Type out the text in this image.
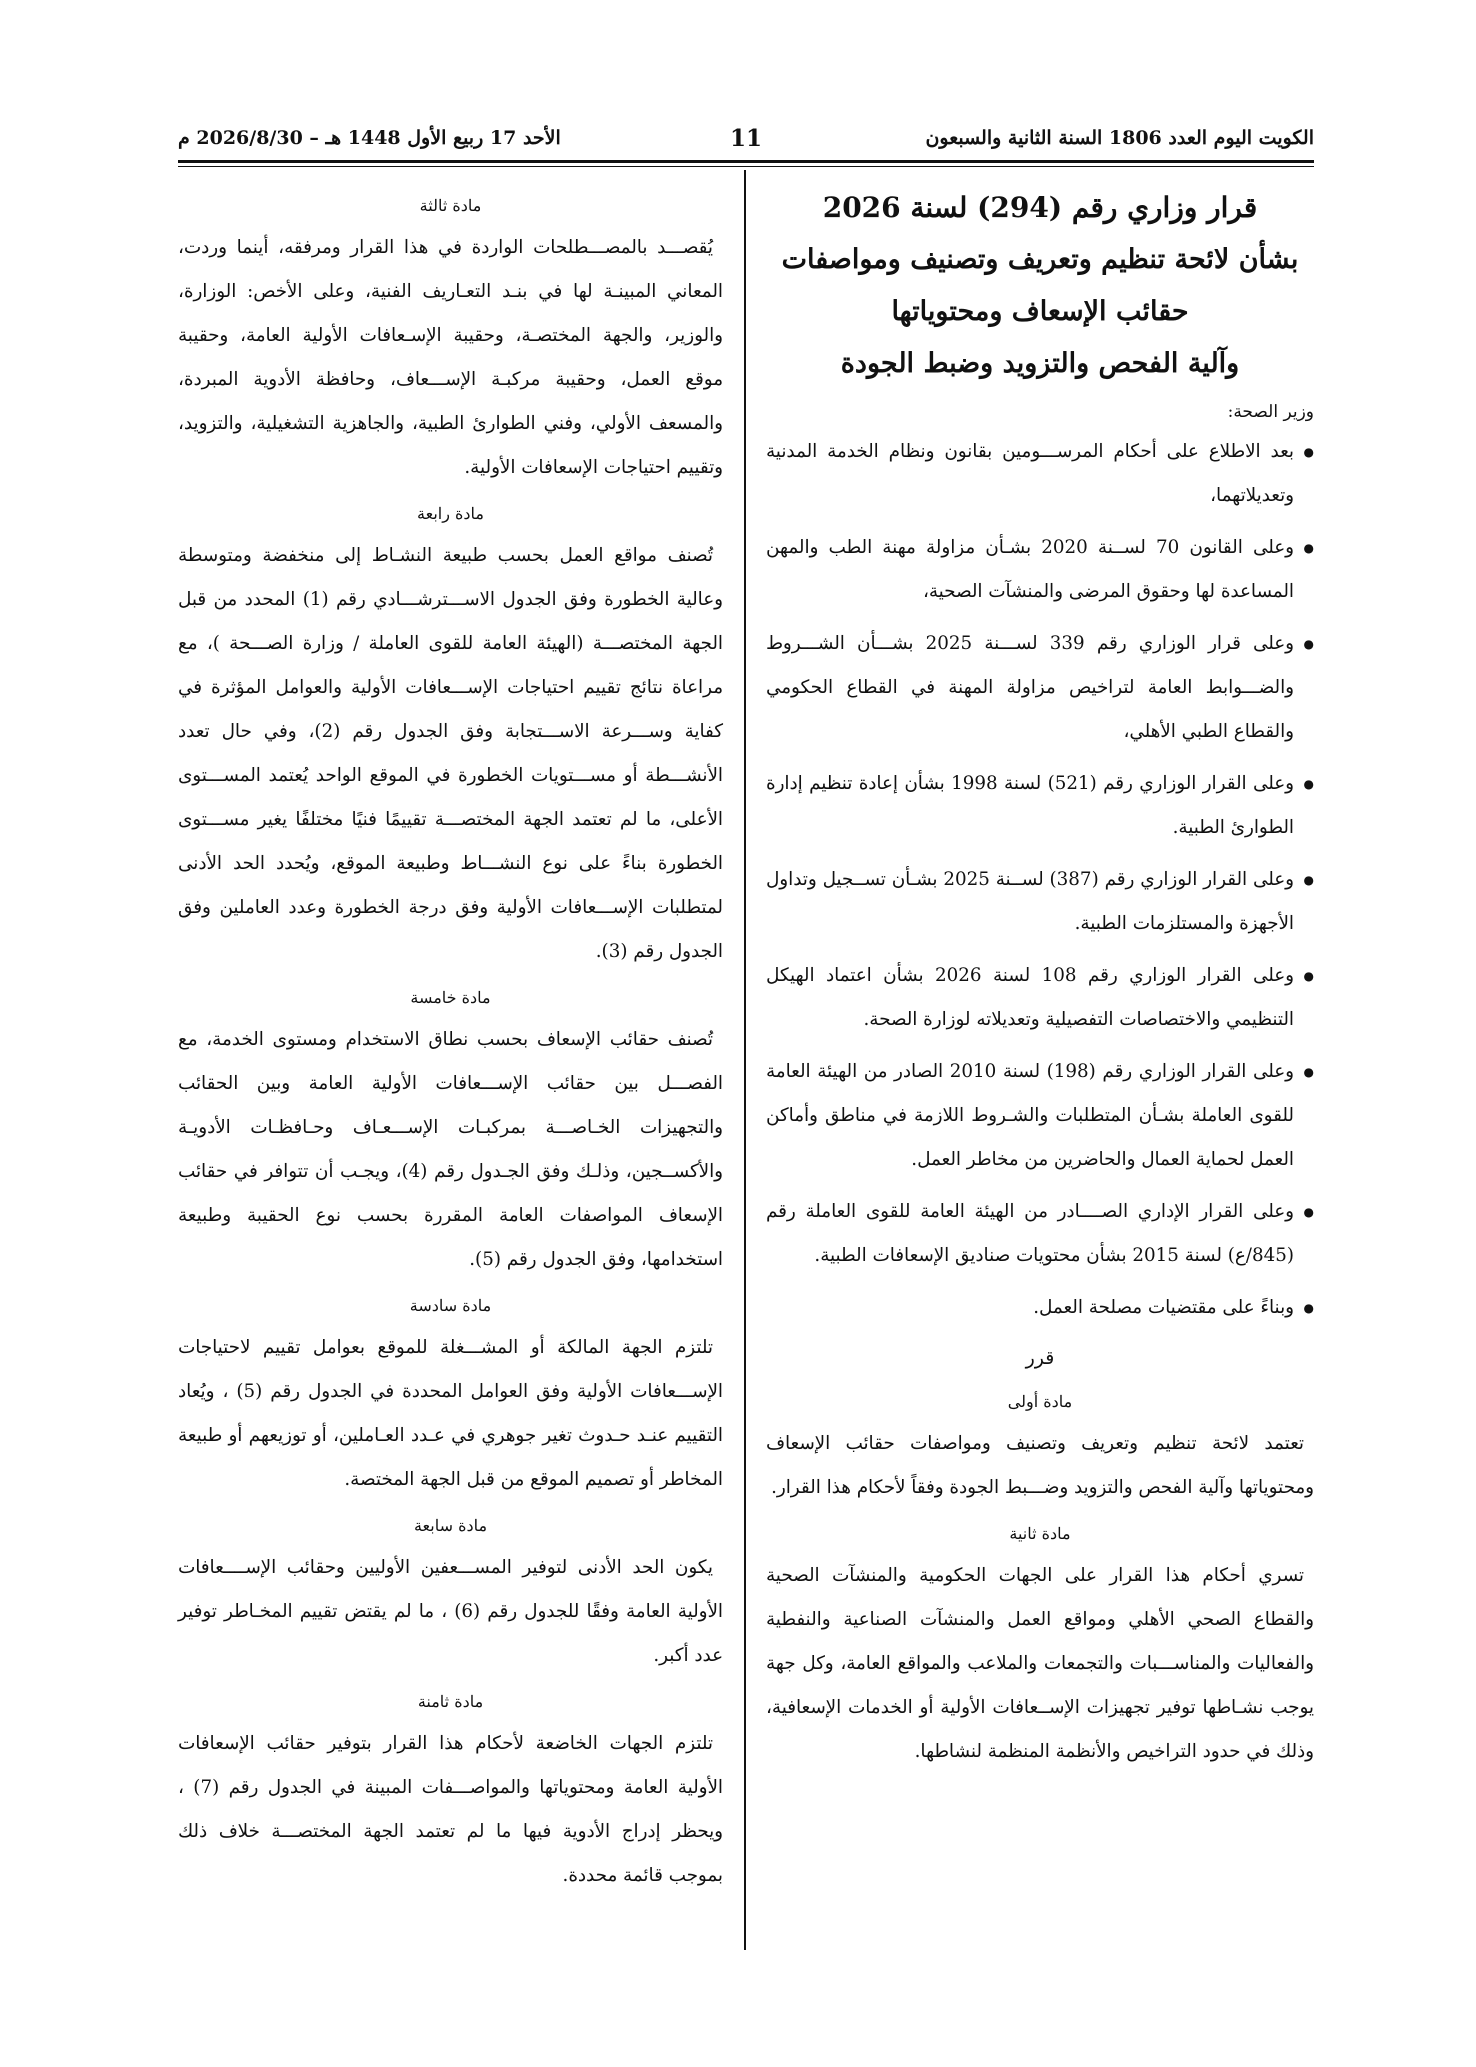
الكويت اليوم العدد 1806 السنة الثانية والسبعون
11
الأحد 17 ربيع الأول 1448 هـ – 2026/8/30 م
قرار وزاري رقم (294) لسنة 2026
بشأن لائحة تنظيم وتعريف وتصنيف ومواصفات
حقائب الإسعاف ومحتوياتها
وآلية الفحص والتزويد وضبط الجودة
وزير الصحة:
● بعد الاطلاع على أحكام المرســـومين بقانون ونظام الخدمة المدنية وتعديلاتهما،
● وعلى القانون 70 لســنة 2020 بشـأن مزاولة مهنة الطب والمهن المساعدة لها وحقوق المرضى والمنشآت الصحية،
● وعلى قرار الوزاري رقم 339 لســـنة 2025 بشـــأن الشـــروط والضـــوابط العامة لتراخيص مزاولة المهنة في القطاع الحكومي والقطاع الطبي الأهلي،
● وعلى القرار الوزاري رقم (521) لسنة 1998 بشأن إعادة تنظيم إدارة الطوارئ الطبية.
● وعلى القرار الوزاري رقم (387) لســنة 2025 بشـأن تســجيل وتداول الأجهزة والمستلزمات الطبية.
● وعلى القرار الوزاري رقم 108 لسنة 2026 بشأن اعتماد الهيكل التنظيمي والاختصاصات التفصيلية وتعديلاته لوزارة الصحة.
● وعلى القرار الوزاري رقم (198) لسنة 2010 الصادر من الهيئة العامة للقوى العاملة بشـأن المتطلبات والشـروط اللازمة في مناطق وأماكن العمل لحماية العمال والحاضرين من مخاطر العمل.
● وعلى القرار الإداري الصــــادر من الهيئة العامة للقوى العاملة رقم (845/ع) لسنة 2015 بشأن محتويات صناديق الإسعافات الطبية.
● وبناءً على مقتضيات مصلحة العمل.
قرر
مادة أولى

تعتمد لائحة تنظيم وتعريف وتصنيف ومواصفات حقائب الإسعاف ومحتوياتها وآلية الفحص والتزويد وضـــبط الجودة وفقاً لأحكام هذا القرار.

مادة ثانية

تسري أحكام هذا القرار على الجهات الحكومية والمنشآت الصحية والقطاع الصحي الأهلي ومواقع العمل والمنشآت الصناعية والنفطية والفعاليات والمناســـبات والتجمعات والملاعب والمواقع العامة، وكل جهة يوجب نشـاطها توفير تجهيزات الإســعافات الأولية أو الخدمات الإسعافية، وذلك في حدود التراخيص والأنظمة المنظمة لنشاطها.

مادة ثالثة

يُقصـــد بالمصـــطلحات الواردة في هذا القرار ومرفقه، أينما وردت، المعاني المبينـة لها في بنـد التعـاريف الفنية، وعلى الأخص: الوزارة، والوزير، والجهة المختصـة، وحقيبة الإسـعافات الأولية العامة، وحقيبة موقع العمل، وحقيبة مركبـة الإســـعاف، وحافظة الأدوية المبردة، والمسعف الأولي، وفني الطوارئ الطبية، والجاهزية التشغيلية، والتزويد، وتقييم احتياجات الإسعافات الأولية.

مادة رابعة

تُصنف مواقع العمل بحسب طبيعة النشـاط إلى منخفضة ومتوسطة وعالية الخطورة وفق الجدول الاســـترشـــادي رقم (1) المحدد من قبل الجهة المختصـــة (الهيئة العامة للقوى العاملة / وزارة الصـــحة )، مع مراعاة نتائج تقييم احتياجات الإســـعافات الأولية والعوامل المؤثرة في كفاية وســـرعة الاســـتجابة وفق الجدول رقم (2)، وفي حال تعدد الأنشـــطة أو مســـتويات الخطورة في الموقع الواحد يُعتمد المســـتوى الأعلى، ما لم تعتمد الجهة المختصـــة تقييمًا فنيًا مختلفًا يغير مســـتوى الخطورة بناءً على نوع النشـــاط وطبيعة الموقع، ويُحدد الحد الأدنى لمتطلبات الإســـعافات الأولية وفق درجة الخطورة وعدد العاملين وفق الجدول رقم (3).

مادة خامسة

تُصنف حقائب الإسعاف بحسب نطاق الاستخدام ومستوى الخدمة، مع الفصـــل بين حقائب الإســـعافات الأولية العامة وبين الحقائب والتجهيزات الخـاصـــة بمركبـات الإســـعـاف وحـافظـات الأدويـة والأكســجين، وذلـك وفق الجـدول رقم (4)، ويجـب أن تتوافر في حقائب الإسعاف المواصفات العامة المقررة بحسب نوع الحقيبة وطبيعة استخدامها، وفق الجدول رقم (5).

مادة سادسة

تلتزم الجهة المالكة أو المشـــغلة للموقع بعوامل تقييم لاحتياجات الإســـعافات الأولية وفق العوامل المحددة في الجدول رقم (5) ، ويُعاد التقييم عنـد حـدوث تغير جوهري في عـدد العـاملين، أو توزيعهم أو طبيعة المخاطر أو تصميم الموقع من قبل الجهة المختصة.

مادة سابعة

يكون الحد الأدنى لتوفير المســـعفين الأوليين وحقائب الإســــعافات الأولية العامة وفقًا للجدول رقم (6) ، ما لم يقتض تقييم المخـاطر توفير عدد أكبر.

مادة ثامنة

تلتزم الجهات الخاضعة لأحكام هذا القرار بتوفير حقائب الإسعافات الأولية العامة ومحتوياتها والمواصـــفات المبينة في الجدول رقم (7) ، ويحظر إدراج الأدوية فيها ما لم تعتمد الجهة المختصـــة خلاف ذلك بموجب قائمة محددة.
